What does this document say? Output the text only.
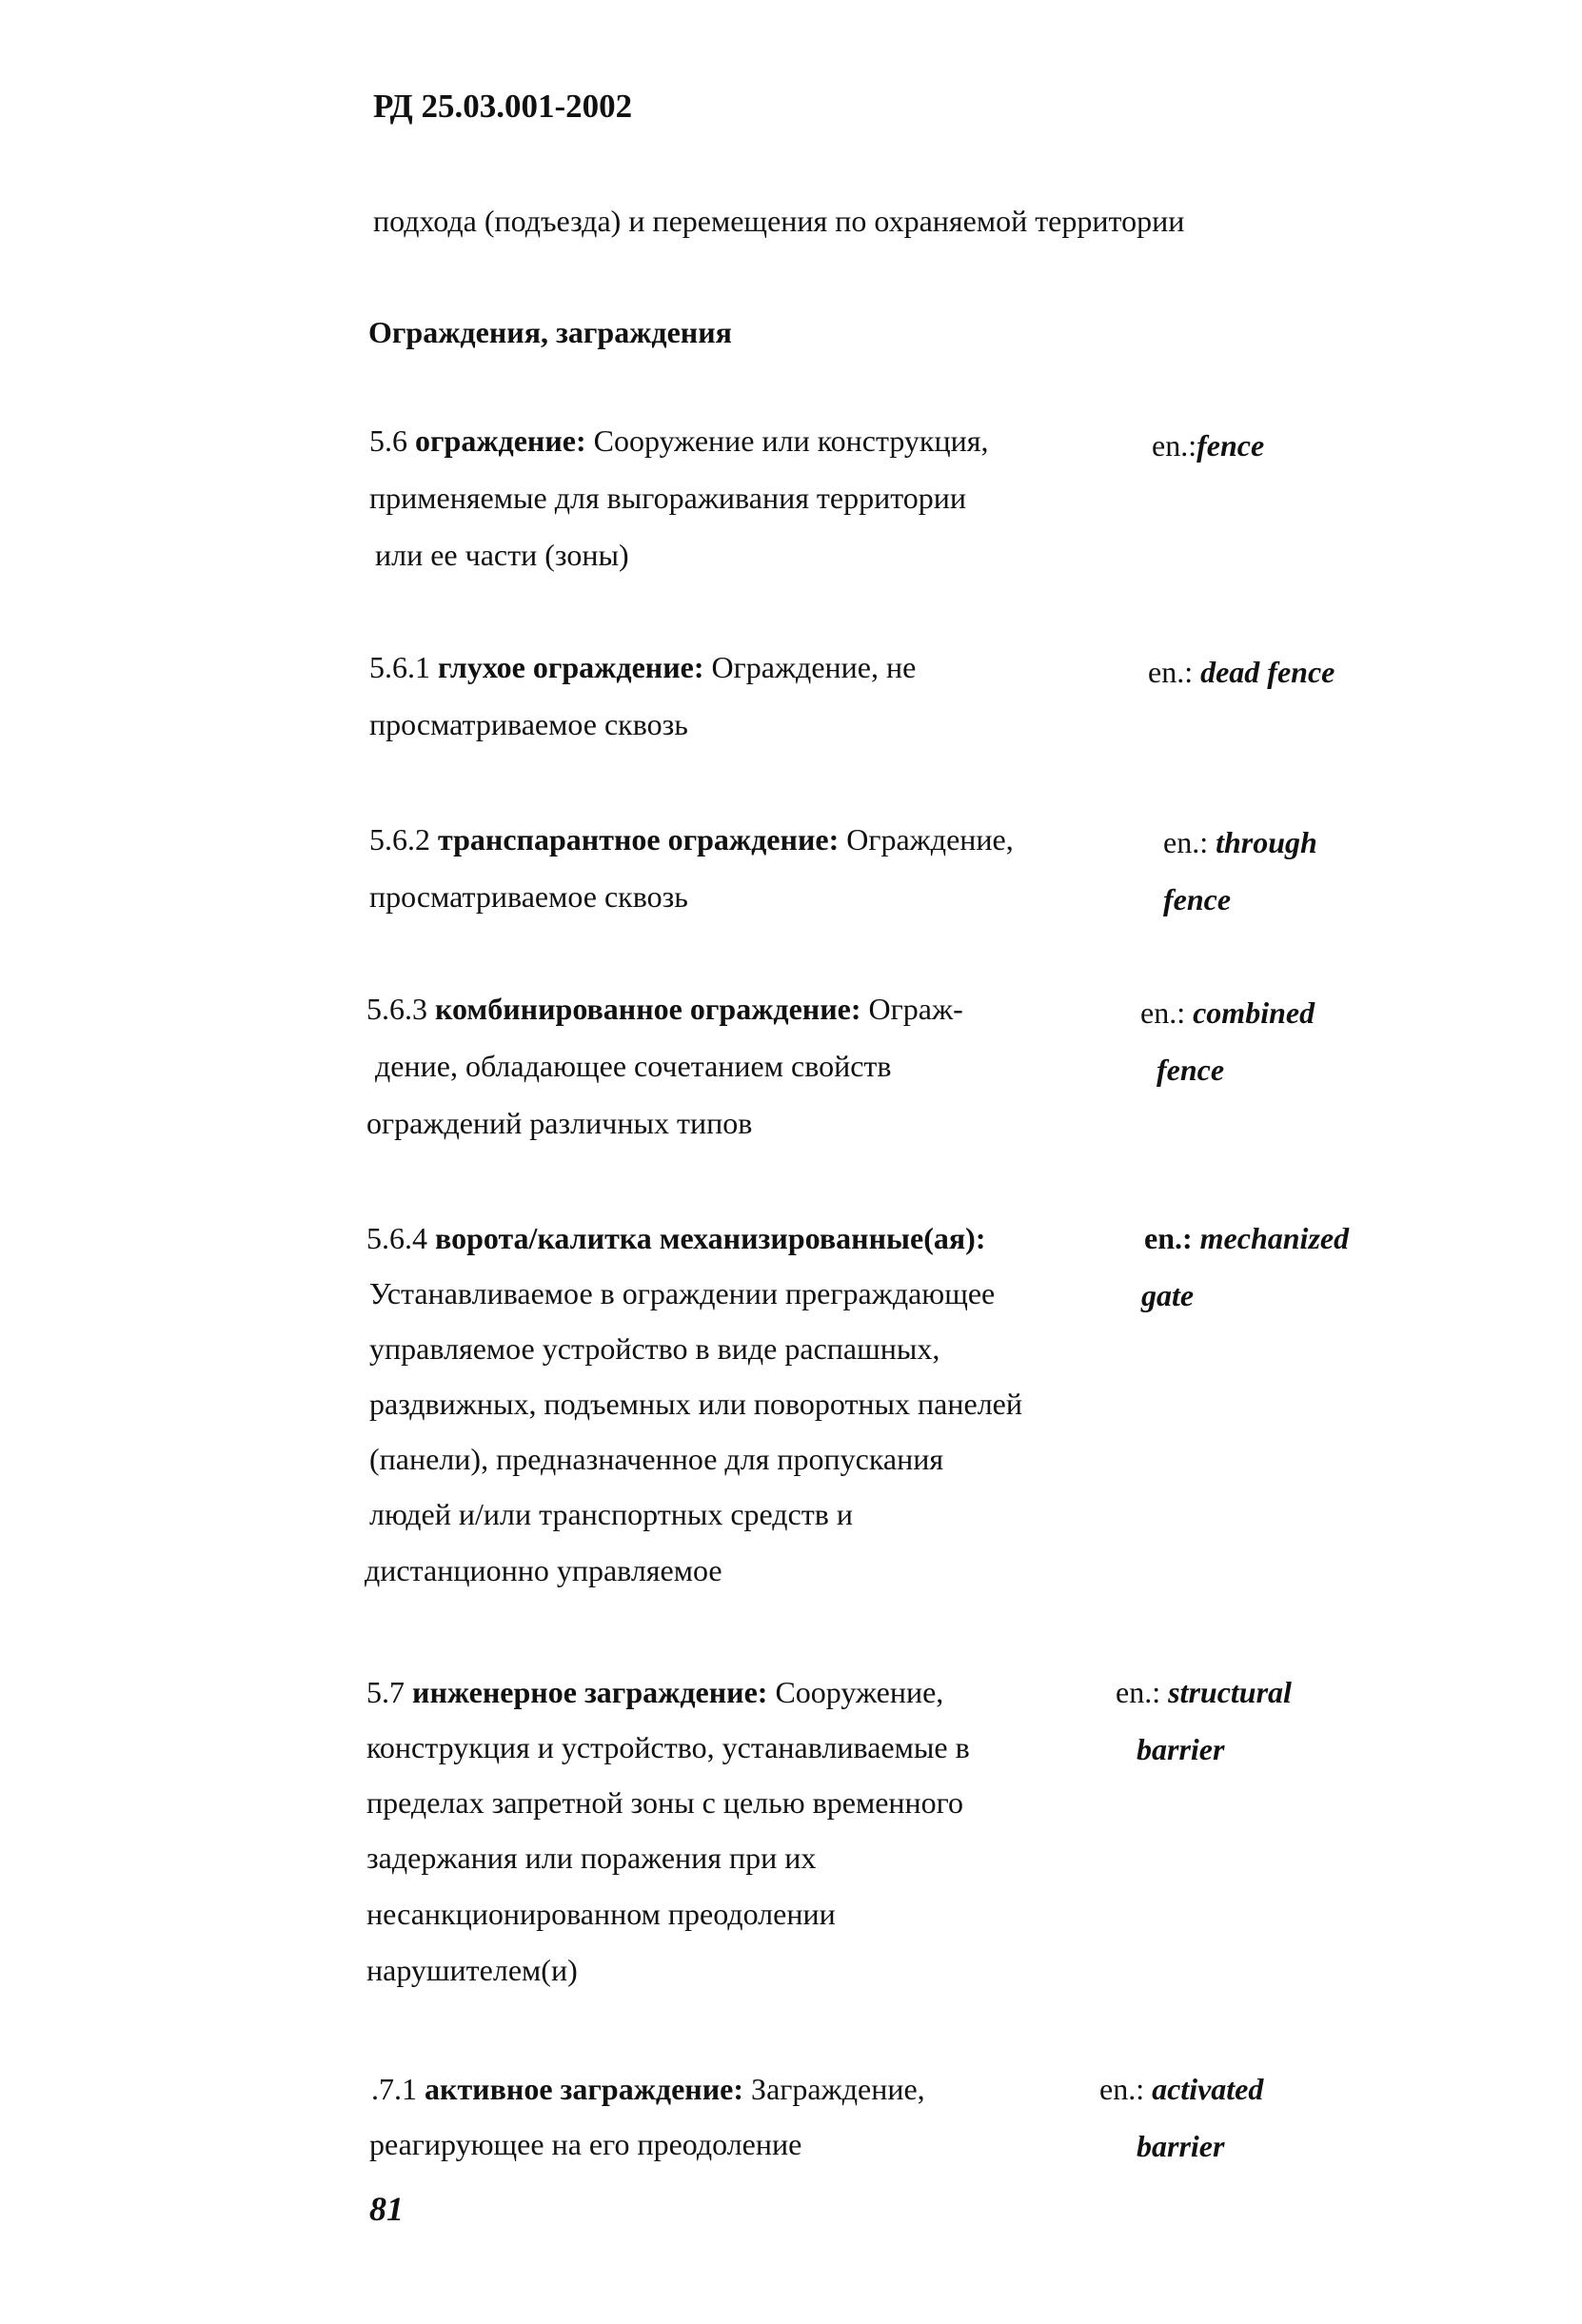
РД 25.03.001-2002
подхода (подъезда) и перемещения по охраняемой территории
Ограждения, заграждения
5.6 ограждение: Сооружение или конструкция,
применяемые для выгораживания территории
или ее части (зоны)
en.:fence
5.6.1 глухое ограждение: Ограждение, не
просматриваемое сквозь
en.: dead fence
5.6.2 транспарантное ограждение: Ограждение,
просматриваемое сквозь
en.: through
fence
5.6.3 комбинированное ограждение: Ограж-
дение, обладающее сочетанием свойств
ограждений различных типов
en.: combined
fence
5.6.4 ворота/калитка механизированные(ая):
Устанавливаемое в ограждении преграждающее
управляемое устройство в виде распашных,
раздвижных, подъемных или поворотных панелей
(панели), предназначенное для пропускания
людей и/или транспортных средств и
дистанционно управляемое
en.: mechanized
gate
5.7 инженерное заграждение: Сооружение,
конструкция и устройство, устанавливаемые в
пределах запретной зоны с целью временного
задержания или поражения при их
несанкционированном преодолении
нарушителем(и)
en.: structural
barrier
.7.1 активное заграждение: Заграждение,
реагирующее на его преодоление
en.: activated
barrier
81
